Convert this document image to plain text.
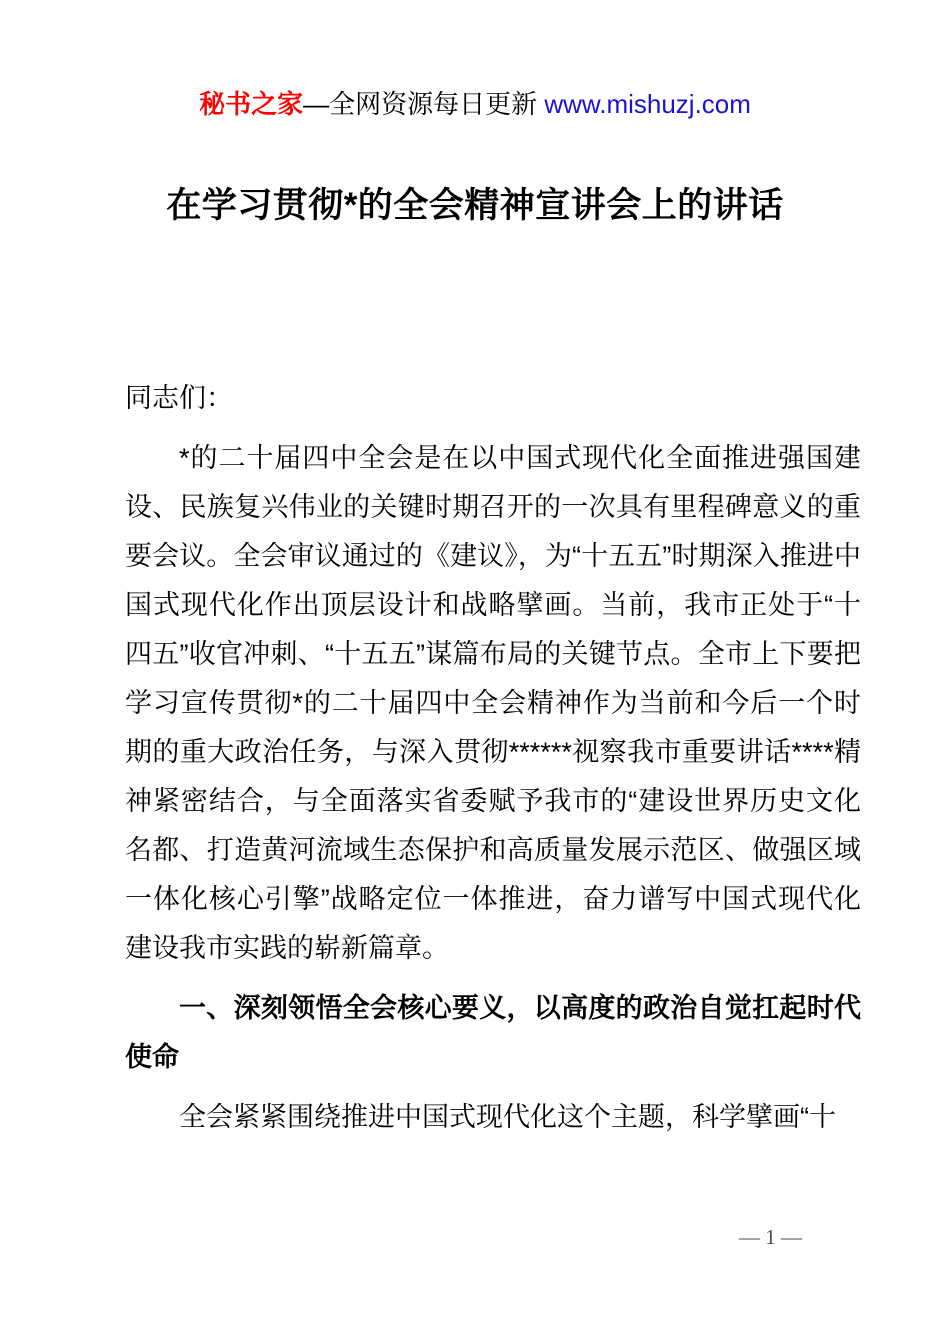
秘书之家—全网资源每日更新 www.mishuzj.com
在学习贯彻*的全会精神宣讲会上的讲话

同志们：

*的二十届四中全会是在以中国式现代化全面推进强国建设、民族复兴伟业的关键时期召开的一次具有里程碑意义的重要会议。全会审议通过的《建议》，为“十五五”时期深入推进中国式现代化作出顶层设计和战略擘画。当前，我市正处于“十四五”收官冲刺、“十五五”谋篇布局的关键节点。全市上下要把学习宣传贯彻*的二十届四中全会精神作为当前和今后一个时期的重大政治任务，与深入贯彻******视察我市重要讲话****精神紧密结合，与全面落实省委赋予我市的“建设世界历史文化名都、打造黄河流域生态保护和高质量发展示范区、做强区域一体化核心引擎”战略定位一体推进，奋力谱写中国式现代化建设我市实践的崭新篇章。

一、深刻领悟全会核心要义，以高度的政治自觉扛起时代使命

全会紧紧围绕推进中国式现代化这个主题，科学擘画“十

— 1 —
